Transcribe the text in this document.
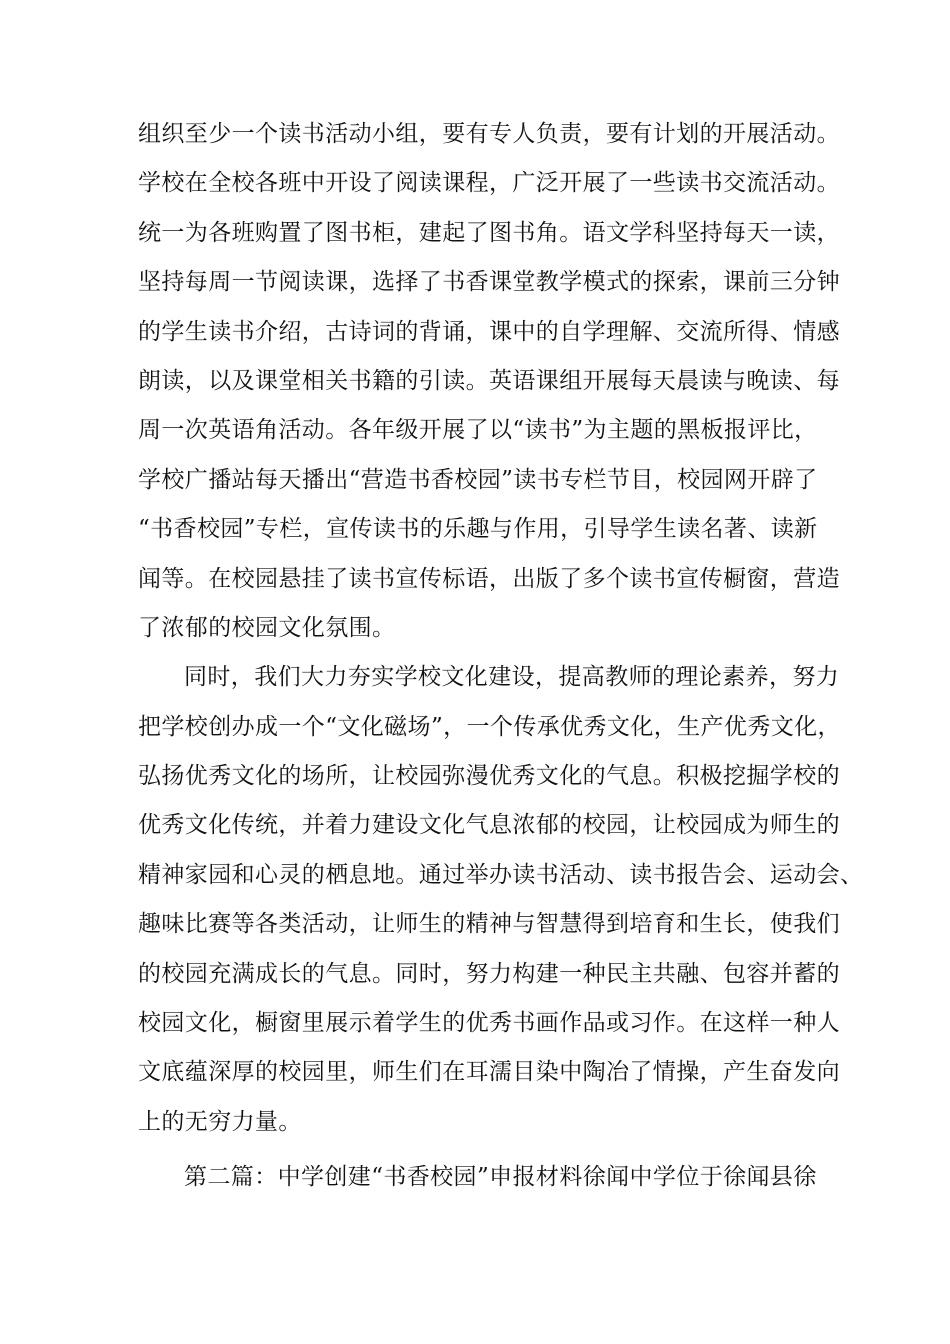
组织至少一个读书活动小组，要有专人负责，要有计划的开展活动。
学校在全校各班中开设了阅读课程，广泛开展了一些读书交流活动。
统一为各班购置了图书柜，建起了图书角。语文学科坚持每天一读，
坚持每周一节阅读课，选择了书香课堂教学模式的探索，课前三分钟
的学生读书介绍，古诗词的背诵，课中的自学理解、交流所得、情感
朗读，以及课堂相关书籍的引读。英语课组开展每天晨读与晚读、每
周一次英语角活动。各年级开展了以“读书”为主题的黑板报评比，
学校广播站每天播出“营造书香校园”读书专栏节目，校园网开辟了
“书香校园”专栏，宣传读书的乐趣与作用，引导学生读名著、读新
闻等。在校园悬挂了读书宣传标语，出版了多个读书宣传橱窗，营造
了浓郁的校园文化氛围。
同时，我们大力夯实学校文化建设，提高教师的理论素养，努力
把学校创办成一个“文化磁场”，一个传承优秀文化，生产优秀文化，
弘扬优秀文化的场所，让校园弥漫优秀文化的气息。积极挖掘学校的
优秀文化传统，并着力建设文化气息浓郁的校园，让校园成为师生的
精神家园和心灵的栖息地。通过举办读书活动、读书报告会、运动会、
趣味比赛等各类活动，让师生的精神与智慧得到培育和生长，使我们
的校园充满成长的气息。同时，努力构建一种民主共融、包容并蓄的
校园文化，橱窗里展示着学生的优秀书画作品或习作。在这样一种人
文底蕴深厚的校园里，师生们在耳濡目染中陶冶了情操，产生奋发向
上的无穷力量。
第二篇：中学创建“书香校园”申报材料徐闻中学位于徐闻县徐
